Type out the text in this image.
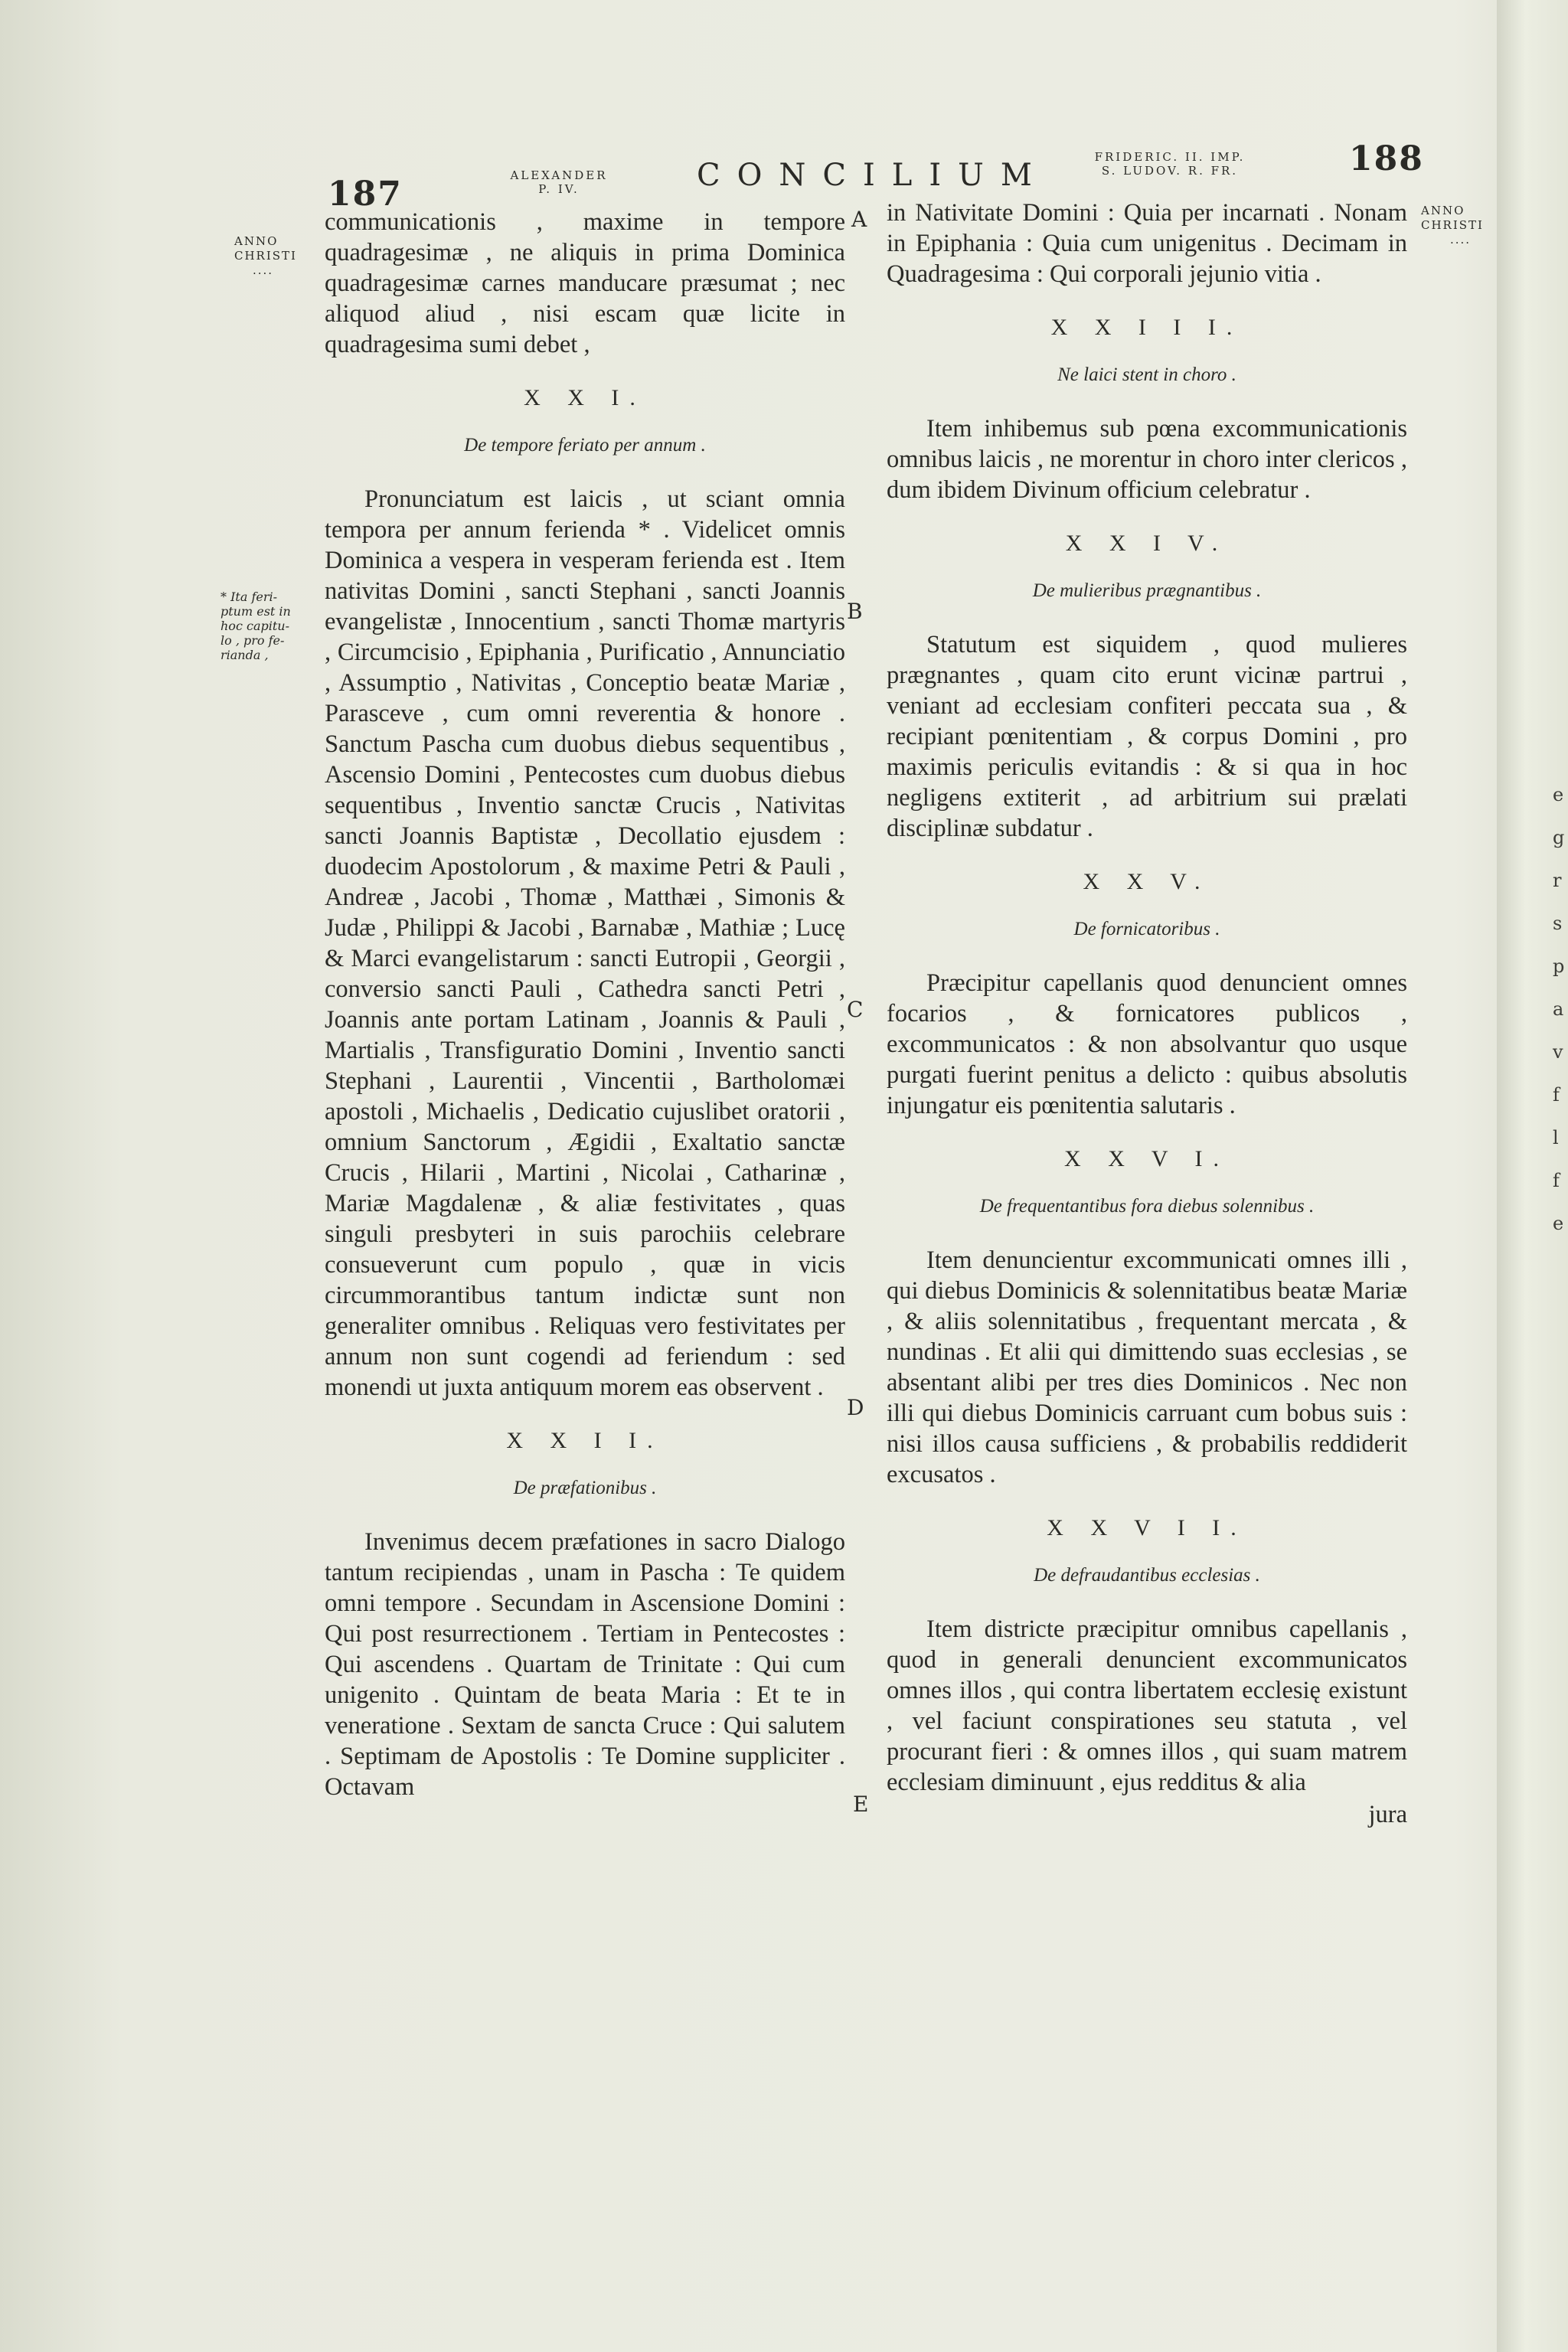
187	ALEXANDER
P. IV.	CONCILIUM
FRIDERIC. II. IMP.
S. LUDOV. R. FR.	188
ANNO
CHRISTI
....
* Ita feri-
ptum est in
hoc capitu-
lo , pro fe-
rianda ,
ANNO
CHRISTI
....
A
B
C
D
E

communicationis , maxime in tempore quadragesimæ , ne aliquis in prima Dominica quadragesimæ carnes manducare præsumat ; nec aliquod aliud , nisi escam quæ licite in quadragesima sumi debet ,

X X I.
De tempore feriato per annum .

Pronunciatum est laicis , ut sciant omnia tempora per annum ferienda * . Videlicet omnis Dominica a vespera in vesperam ferienda est . Item nativitas Domini , sancti Stephani , sancti Joannis evangelistæ , Innocentium , sancti Thomæ martyris , Circumcisio , Epiphania , Purificatio , Annunciatio , Assumptio , Nativitas , Conceptio beatæ Mariæ , Parasceve , cum omni reverentia & honore . Sanctum Pascha cum duobus diebus sequentibus , Ascensio Domini , Pentecostes cum duobus diebus sequentibus , Inventio sanctæ Crucis , Nativitas sancti Joannis Baptistæ , Decollatio ejusdem : duodecim Apostolorum , & maxime Petri & Pauli , Andreæ , Jacobi , Thomæ , Matthæi , Simonis & Judæ , Philippi & Jacobi , Barnabæ , Mathiæ ; Lucę & Marci evangelistarum : sancti Eutropii , Georgii , conversio sancti Pauli , Cathedra sancti Petri , Joannis ante portam Latinam , Joannis & Pauli , Martialis , Transfiguratio Domini , Inventio sancti Stephani , Laurentii , Vincentii , Bartholomæi apostoli , Michaelis , Dedicatio cujuslibet oratorii , omnium Sanctorum , Ægidii , Exaltatio sanctæ Crucis , Hilarii , Martini , Nicolai , Catharinæ , Mariæ Magdalenæ , & aliæ festivitates , quas singuli presbyteri in suis parochiis celebrare consueverunt cum populo , quæ in vicis circummorantibus tantum indictæ sunt non generaliter omnibus . Reliquas vero festivitates per annum non sunt cogendi ad feriendum : sed monendi ut juxta antiquum morem eas observent .

X X I I.
De præfationibus .

Invenimus decem præfationes in sacro Dialogo tantum recipiendas , unam in Pascha : Te quidem omni tempore . Secundam in Ascensione Domini : Qui post resurrectionem . Tertiam in Pentecostes : Qui ascendens . Quartam de Trinitate : Qui cum unigenito . Quintam de beata Maria : Et te in veneratione . Sextam de sancta Cruce : Qui salutem . Septimam de Apostolis : Te Domine suppliciter . Octavam

in Nativitate Domini : Quia per incarnati . Nonam in Epiphania : Quia cum unigenitus . Decimam in Quadragesima : Qui corporali jejunio vitia .

X X I I I.
Ne laici stent in choro .

Item inhibemus sub pœna excommunicationis omnibus laicis , ne morentur in choro inter clericos , dum ibidem Divinum officium celebratur .

X X I V.
De mulieribus prægnantibus .

Statutum est siquidem , quod mulieres prægnantes , quam cito erunt vicinæ partrui , veniant ad ecclesiam confiteri peccata sua , & recipiant pœnitentiam , & corpus Domini , pro maximis periculis evitandis : & si qua in hoc negligens extiterit , ad arbitrium sui prælati disciplinæ subdatur .

X X V.
De fornicatoribus .

Præcipitur capellanis quod denuncient omnes focarios , & fornicatores publicos , excommunicatos : & non absolvantur quo usque purgati fuerint penitus a delicto : quibus absolutis injungatur eis pœnitentia salutaris .

X X V I.
De frequentantibus fora diebus solennibus .

Item denuncientur excommunicati omnes illi , qui diebus Dominicis & solennitatibus beatæ Mariæ , & aliis solennitatibus , frequentant mercata , & nundinas . Et alii qui dimittendo suas ecclesias , se absentant alibi per tres dies Dominicos . Nec non illi qui diebus Dominicis carruant cum bobus suis : nisi illos causa sufficiens , & probabilis reddiderit excusatos .

X X V I I.
De defraudantibus ecclesias .

Item districte præcipitur omnibus capellanis , quod in generali denuncient excommunicatos omnes illos , qui contra libertatem ecclesię existunt , vel faciunt conspirationes seu statuta , vel procurant fieri : & omnes illos , qui suam matrem ecclesiam diminuunt , ejus redditus & alia

jura
e
g
r
s
p
a
v
f
l
f
e
